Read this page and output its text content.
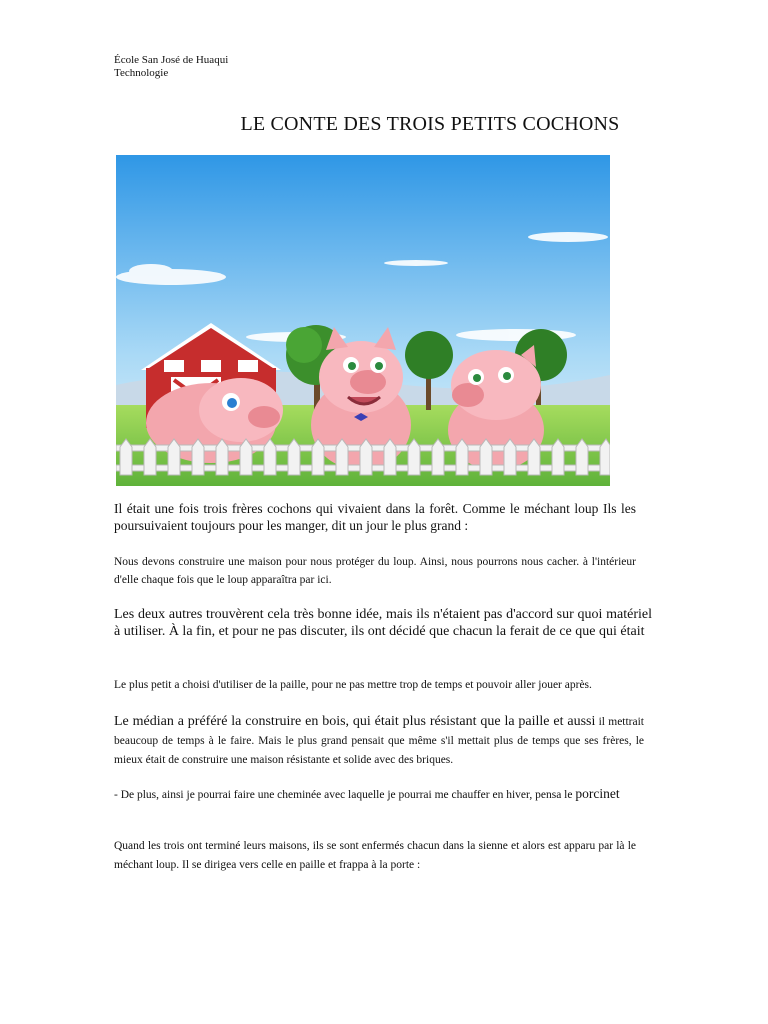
École San José de Huaqui
Technologie
LE CONTE DES TROIS PETITS COCHONS
Il était une fois trois frères cochons qui vivaient dans la forêt. Comme le méchant loup Ils les poursuivaient toujours pour les manger, dit un jour le plus grand :
Nous devons construire une maison pour nous protéger du loup. Ainsi, nous pourrons nous cacher. à l'intérieur d'elle chaque fois que le loup apparaîtra par ici.
Les deux autres trouvèrent cela très bonne idée, mais ils n'étaient pas d'accord sur quoi matériel à utiliser. À la fin, et pour ne pas discuter, ils ont décidé que chacun la ferait de ce que qui était
Le plus petit a choisi d'utiliser de la paille, pour ne pas mettre trop de temps et pouvoir aller jouer après.
Le médian a préféré la construire en bois, qui était plus résistant que la paille et aussi il mettrait beaucoup de temps à le faire. Mais le plus grand pensait que même s'il mettait plus de temps que ses frères, le mieux était de construire une maison résistante et solide avec des briques.
- De plus, ainsi je pourrai faire une cheminée avec laquelle je pourrai me chauffer en hiver, pensa le porcinet
Quand les trois ont terminé leurs maisons, ils se sont enfermés chacun dans la sienne et alors est apparu par là le méchant loup. Il se dirigea vers celle en paille et frappa à la porte :
